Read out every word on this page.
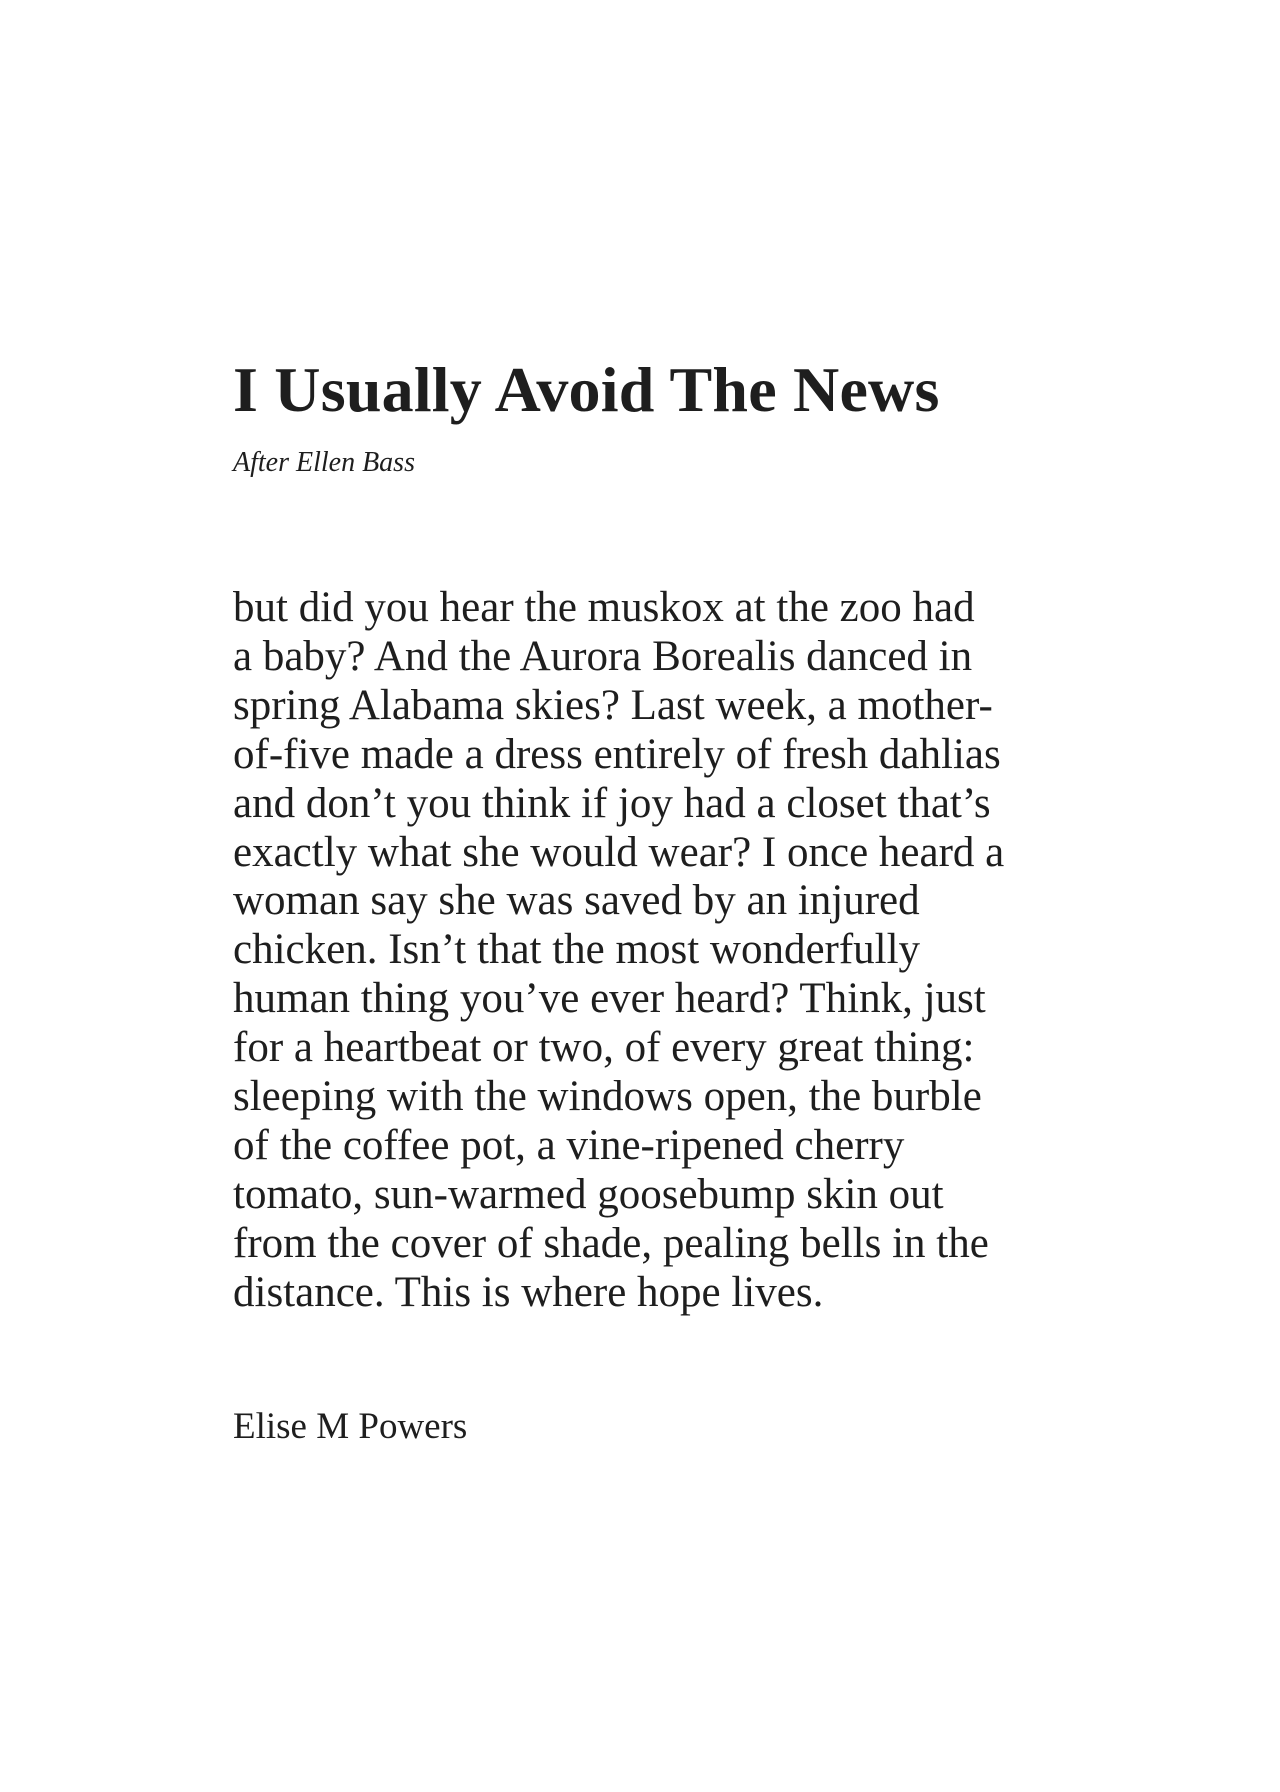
I Usually Avoid The News

After Ellen Bass

but did you hear the muskox at the zoo had
a baby? And the Aurora Borealis danced in
spring Alabama skies? Last week, a mother-
of-five made a dress entirely of fresh dahlias
and don’t you think if joy had a closet that’s
exactly what she would wear? I once heard a
woman say she was saved by an injured
chicken. Isn’t that the most wonderfully
human thing you’ve ever heard? Think, just
for a heartbeat or two, of every great thing:
sleeping with the windows open, the burble
of the coffee pot, a vine-ripened cherry
tomato, sun-warmed goosebump skin out
from the cover of shade, pealing bells in the
distance. This is where hope lives.

Elise M Powers
